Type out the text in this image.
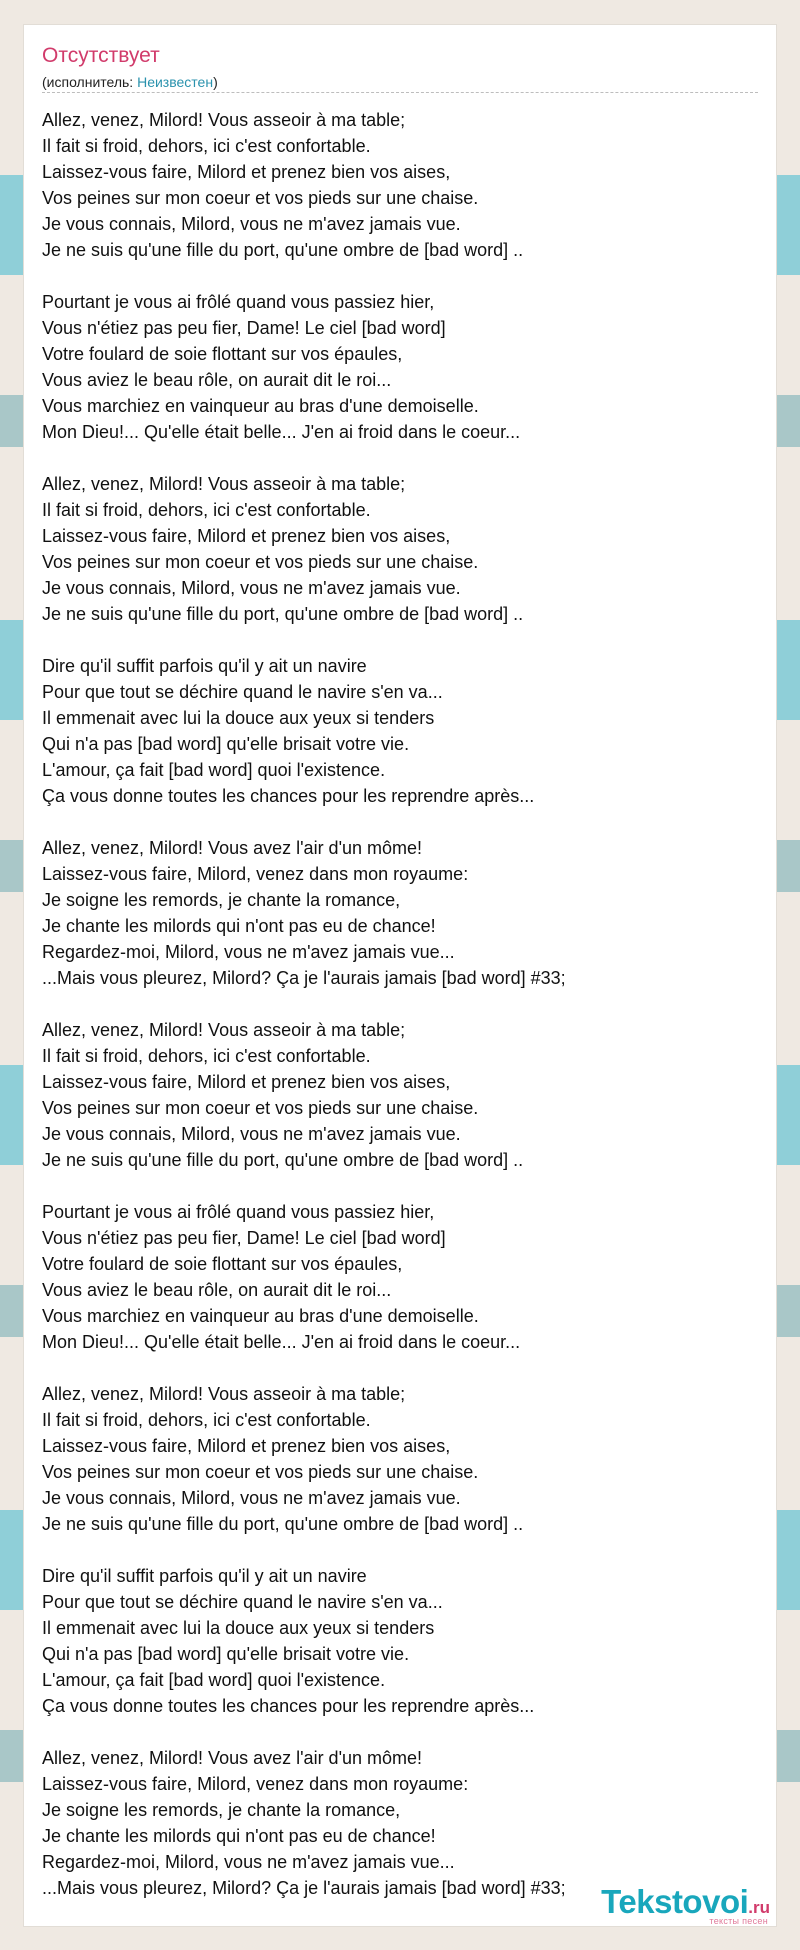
Отсутствует
(исполнитель: Неизвестен)
Allez, venez, Milord! Vous asseoir à ma table;
Il fait si froid, dehors, ici c'est confortable.
Laissez-vous faire, Milord et prenez bien vos aises,
Vos peines sur mon coeur et vos pieds sur une chaise.
Je vous connais, Milord, vous ne m'avez jamais vue.
Je ne suis qu'une fille du port, qu'une ombre de [bad word] ..
Pourtant je vous ai frôlé quand vous passiez hier,
Vous n'étiez pas peu fier, Dame! Le ciel [bad word]
Votre foulard de soie flottant sur vos épaules,
Vous aviez le beau rôle, on aurait dit le roi...
Vous marchiez en vainqueur au bras d'une demoiselle.
Mon Dieu!... Qu'elle était belle... J'en ai froid dans le coeur...
Allez, venez, Milord! Vous asseoir à ma table;
Il fait si froid, dehors, ici c'est confortable.
Laissez-vous faire, Milord et prenez bien vos aises,
Vos peines sur mon coeur et vos pieds sur une chaise.
Je vous connais, Milord, vous ne m'avez jamais vue.
Je ne suis qu'une fille du port, qu'une ombre de [bad word] ..
Dire qu'il suffit parfois qu'il y ait un navire
Pour que tout se déchire quand le navire s'en va...
Il emmenait avec lui la douce aux yeux si tenders
Qui n'a pas [bad word] qu'elle brisait votre vie.
L'amour, ça fait [bad word] quoi l'existence.
Ça vous donne toutes les chances pour les reprendre après...
Allez, venez, Milord! Vous avez l'air d'un môme!
Laissez-vous faire, Milord, venez dans mon royaume:
Je soigne les remords, je chante la romance,
Je chante les milords qui n'ont pas eu de chance!
Regardez-moi, Milord, vous ne m'avez jamais vue...
...Mais vous pleurez, Milord? Ça je l'aurais jamais [bad word] #33;
Allez, venez, Milord! Vous asseoir à ma table;
Il fait si froid, dehors, ici c'est confortable.
Laissez-vous faire, Milord et prenez bien vos aises,
Vos peines sur mon coeur et vos pieds sur une chaise.
Je vous connais, Milord, vous ne m'avez jamais vue.
Je ne suis qu'une fille du port, qu'une ombre de [bad word] ..
Pourtant je vous ai frôlé quand vous passiez hier,
Vous n'étiez pas peu fier, Dame! Le ciel [bad word]
Votre foulard de soie flottant sur vos épaules,
Vous aviez le beau rôle, on aurait dit le roi...
Vous marchiez en vainqueur au bras d'une demoiselle.
Mon Dieu!... Qu'elle était belle... J'en ai froid dans le coeur...
Allez, venez, Milord! Vous asseoir à ma table;
Il fait si froid, dehors, ici c'est confortable.
Laissez-vous faire, Milord et prenez bien vos aises,
Vos peines sur mon coeur et vos pieds sur une chaise.
Je vous connais, Milord, vous ne m'avez jamais vue.
Je ne suis qu'une fille du port, qu'une ombre de [bad word] ..
Dire qu'il suffit parfois qu'il y ait un navire
Pour que tout se déchire quand le navire s'en va...
Il emmenait avec lui la douce aux yeux si tenders
Qui n'a pas [bad word] qu'elle brisait votre vie.
L'amour, ça fait [bad word] quoi l'existence.
Ça vous donne toutes les chances pour les reprendre après...
Allez, venez, Milord! Vous avez l'air d'un môme!
Laissez-vous faire, Milord, venez dans mon royaume:
Je soigne les remords, je chante la romance,
Je chante les milords qui n'ont pas eu de chance!
Regardez-moi, Milord, vous ne m'avez jamais vue...
...Mais vous pleurez, Milord? Ça je l'aurais jamais [bad word] #33;	Tekstovoi.ru
тексты песен
